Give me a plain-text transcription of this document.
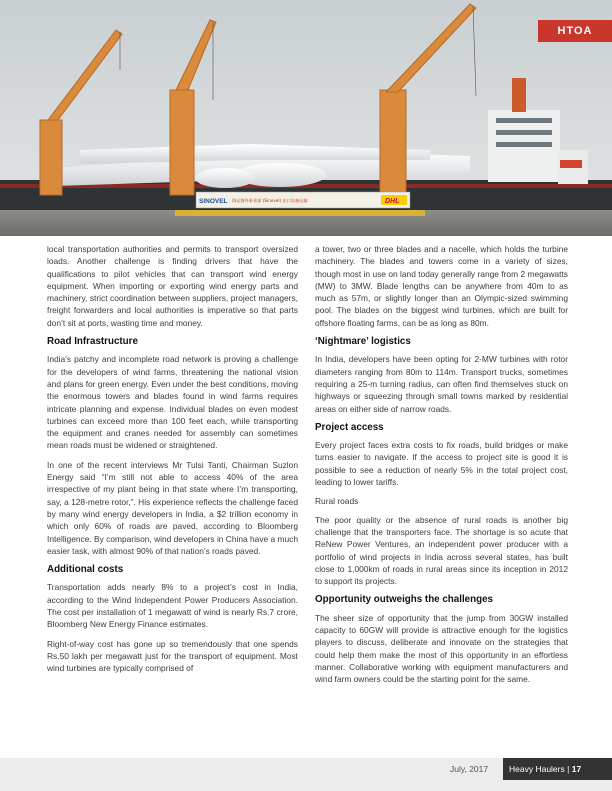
SINOVEL 海运海外事业部 (Sinovel) 出口设备运输	DHL
HTOA

local transportation authorities and permits to transport oversized loads. Another challenge is finding drivers that have the qualifications to pilot vehicles that can transport wind energy equipment. When importing or exporting wind energy parts and machinery, strict coordination between suppliers, project managers, freight forwarders and local authorities is imperative so that parts don’t sit at ports, wasting time and money.

Road Infrastructure

India’s patchy and incomplete road network is proving a challenge for the developers of wind farms, threatening the national vision and plans for green energy. Even under the best conditions, moving the enormous towers and blades found in wind farms requires intricate planning and expense. Individual blades on even modest turbines can exceed more than 100 feet each, while transporting the equipment and cranes needed for assembly can sometimes mean roads must be widened or straightened.

In one of the recent interviews Mr Tulsi Tanti, Chairman Suzlon Energy said “I’m still not able to access 40% of the area irrespective of my plant being in that state where I’m transporting, say, a 128-metre rotor,”. His experience reflects the challenge faced by many wind energy developers in India, a $2 trillion economy in which only 60% of roads are paved, according to Bloomberg Intelligence. By comparison, wind developers in China have a much easier task, with almost 90% of that nation’s roads paved.

Additional costs

Transportation adds nearly 8% to a project’s cost in India, according to the Wind Independent Power Producers Association. The cost per installation of 1 megawatt of wind is nearly Rs.7 crore, Bloomberg New Energy Finance estimates.

Right-of-way cost has gone up so tremendously that one spends Rs.50 lakh per megawatt just for the transport of equipment. Most wind turbines are typically comprised of

a tower, two or three blades and a nacelle, which holds the turbine machinery. The blades and towers come in a variety of sizes, though most in use on land today generally range from 2 megawatts (MW) to 3MW. Blade lengths can be anywhere from 40m to as much as 57m, or slightly longer than an Olympic-sized swimming pool. The blades on the biggest wind turbines, which are built for offshore floating farms, can be as long as 80m.

‘Nightmare’ logistics

In India, developers have been opting for 2-MW turbines with rotor diameters ranging from 80m to 114m. Transport trucks, sometimes requiring a 25-m turning radius, can often find themselves stuck on highways or squeezing through small towns marked by residential areas on either side of narrow roads.

Project access

Every project faces extra costs to fix roads, build bridges or make turns easier to navigate. If the access to project site is good it is possible to see a reduction of nearly 5% in the total project cost, leading to lower tariffs.

Rural roads

The poor quality or the absence of rural roads is another big challenge that the transporters face. The shortage is so acute that ReNew Power Ventures, an independent power producer with a portfolio of wind projects in India across several states, has built close to 1,000km of roads in rural areas since its inception in 2012 to support its projects.

Opportunity outweighs the challenges

The sheer size of opportunity that the jump from 30GW installed capacity to 60GW will provide is attractive enough for the logistics players to discuss, deliberate and innovate on the strategies that could help them make the most of this opportunity in an effortless manner. Collaborative working with equipment manufacturers and wind farm owners could be the starting point for the same.

July, 2017	Heavy Haulers | 17
